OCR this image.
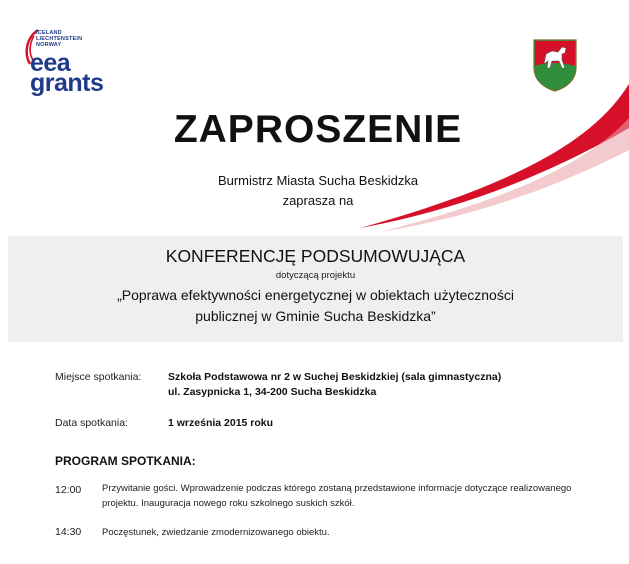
ICELAND
LIECHTENSTEIN
NORWAY
eea
grants
ZAPROSZENIE
Burmistrz Miasta Sucha Beskidzka
zaprasza na
KONFERENCJĘ PODSUMOWUJĄCA
dotyczącą projektu
„Poprawa efektywności energetycznej w obiektach użyteczności
publicznej w Gminie Sucha Beskidzka”
Miejsce spotkania:	Szkoła Podstawowa nr 2 w Suchej Beskidzkiej (sala gimnastyczna)
ul. Zasypnicka 1, 34-200 Sucha Beskidzka
Data spotkania:	1 września 2015 roku
PROGRAM SPOTKANIA:
12:00 Przywitanie gości. Wprowadzenie podczas którego zostaną przedstawione informacje dotyczące realizowanego projektu. Inauguracja nowego roku szkolnego suskich szkół.
14:30 Poczęstunek, zwiedzanie zmodernizowanego obiektu.
